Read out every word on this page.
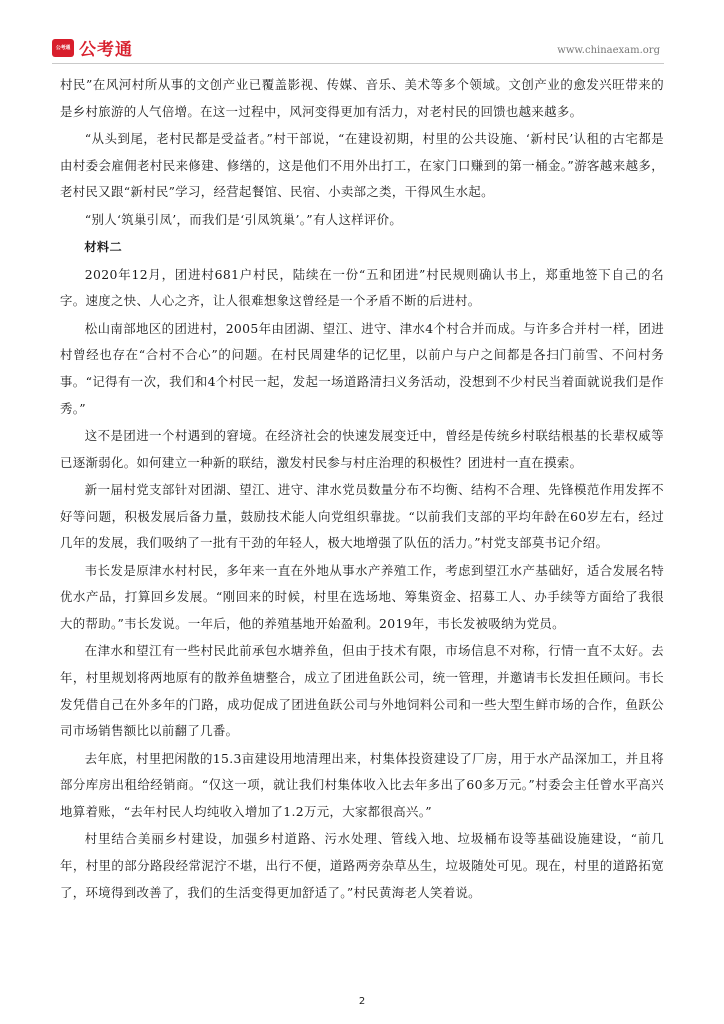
公考通 公考通	www.chinaexam.org

村民”在风河村所从事的文创产业已覆盖影视、传媒、音乐、美术等多个领域。文创产业的愈发兴旺带来的是乡村旅游的人气倍增。在这一过程中，风河变得更加有活力，对老村民的回馈也越来越多。

“从头到尾，老村民都是受益者。”村干部说，“在建设初期，村里的公共设施、‘新村民’认租的古宅都是由村委会雇佣老村民来修建、修缮的，这是他们不用外出打工，在家门口赚到的第一桶金。”游客越来越多，老村民又跟“新村民”学习，经营起餐馆、民宿、小卖部之类，干得风生水起。

“别人‘筑巢引凤’，而我们是‘引凤筑巢’。”有人这样评价。

材料二

2020年12月，团进村681户村民，陆续在一份“五和团进”村民规则确认书上，郑重地签下自己的名字。速度之快、人心之齐，让人很难想象这曾经是一个矛盾不断的后进村。

松山南部地区的团进村，2005年由团湖、望江、进守、津水4个村合并而成。与许多合并村一样，团进村曾经也存在“合村不合心”的问题。在村民周建华的记忆里，以前户与户之间都是各扫门前雪、不问村务事。“记得有一次，我们和4个村民一起，发起一场道路清扫义务活动，没想到不少村民当着面就说我们是作秀。”

这不是团进一个村遇到的窘境。在经济社会的快速发展变迁中，曾经是传统乡村联结根基的长辈权威等已逐渐弱化。如何建立一种新的联结，激发村民参与村庄治理的积极性？团进村一直在摸索。

新一届村党支部针对团湖、望江、进守、津水党员数量分布不均衡、结构不合理、先锋模范作用发挥不好等问题，积极发展后备力量，鼓励技术能人向党组织靠拢。“以前我们支部的平均年龄在60岁左右，经过几年的发展，我们吸纳了一批有干劲的年轻人，极大地增强了队伍的活力。”村党支部莫书记介绍。

韦长发是原津水村村民，多年来一直在外地从事水产养殖工作，考虑到望江水产基础好，适合发展名特优水产品，打算回乡发展。“刚回来的时候，村里在选场地、筹集资金、招募工人、办手续等方面给了我很大的帮助。”韦长发说。一年后，他的养殖基地开始盈利。2019年，韦长发被吸纳为党员。

在津水和望江有一些村民此前承包水塘养鱼，但由于技术有限，市场信息不对称，行情一直不太好。去年，村里规划将两地原有的散养鱼塘整合，成立了团进鱼跃公司，统一管理，并邀请韦长发担任顾问。韦长发凭借自己在外多年的门路，成功促成了团进鱼跃公司与外地饲料公司和一些大型生鲜市场的合作，鱼跃公司市场销售额比以前翻了几番。

去年底，村里把闲散的15.3亩建设用地清理出来，村集体投资建设了厂房，用于水产品深加工，并且将部分库房出租给经销商。“仅这一项，就让我们村集体收入比去年多出了60多万元。”村委会主任曾水平高兴地算着账，“去年村民人均纯收入增加了1.2万元，大家都很高兴。”

村里结合美丽乡村建设，加强乡村道路、污水处理、管线入地、垃圾桶布设等基础设施建设，“前几年，村里的部分路段经常泥泞不堪，出行不便，道路两旁杂草丛生，垃圾随处可见。现在，村里的道路拓宽了，环境得到改善了，我们的生活变得更加舒适了。”村民黄海老人笑着说。

2
